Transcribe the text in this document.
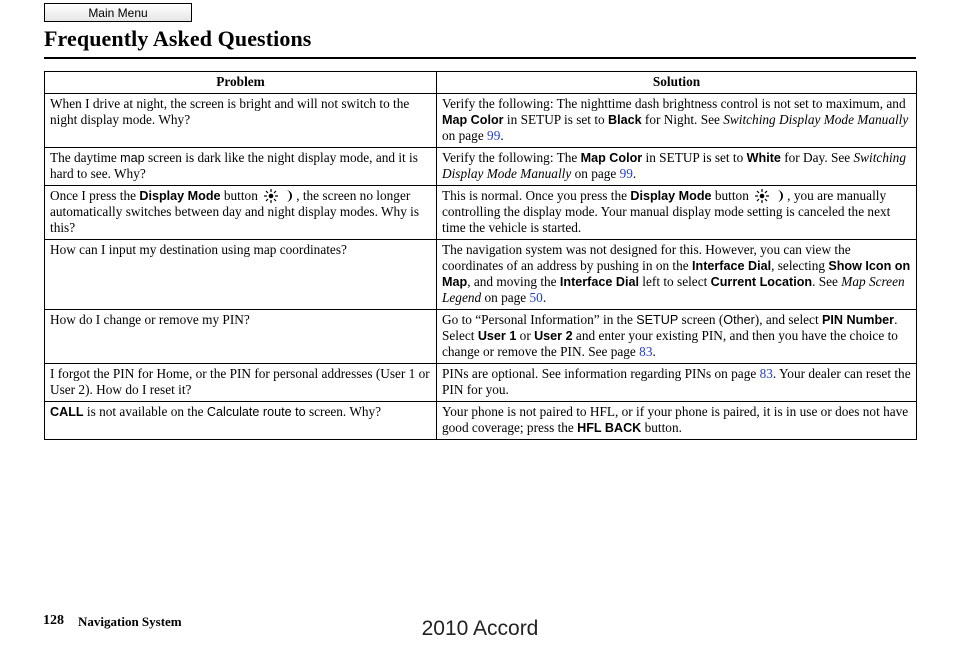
Main Menu
Frequently Asked Questions
Problem	Solution
When I drive at night, the screen is bright and will not switch to the night display mode. Why?	Verify the following: The nighttime dash brightness control is not set to maximum, and Map Color in SETUP is set to Black for Night. See Switching Display Mode Manually on page 99.
The daytime map screen is dark like the night display mode, and it is hard to see. Why?	Verify the following: The Map Color in SETUP is set to White for Day. See Switching Display Mode Manually on page 99.
Once I press the Display Mode button , the screen no longer automatically switches between day and night display modes. Why is this?	This is normal. Once you press the Display Mode button , you are manually controlling the display mode. Your manual display mode setting is canceled the next time the vehicle is started.
How can I input my destination using map coordinates?	The navigation system was not designed for this. However, you can view the coordinates of an address by pushing in on the Interface Dial, selecting Show Icon on Map, and moving the Interface Dial left to select Current Location. See Map Screen Legend on page 50.
How do I change or remove my PIN?	Go to “Personal Information” in the SETUP screen (Other), and select PIN Number. Select User 1 or User 2 and enter your existing PIN, and then you have the choice to change or remove the PIN. See page 83.
I forgot the PIN for Home, or the PIN for personal addresses (User 1 or User 2). How do I reset it?	PINs are optional. See information regarding PINs on page 83. Your dealer can reset the PIN for you.
CALL is not available on the Calculate route to screen. Why?	Your phone is not paired to HFL, or if your phone is paired, it is in use or does not have good coverage; press the HFL BACK button.
128 Navigation System	2010 Accord
